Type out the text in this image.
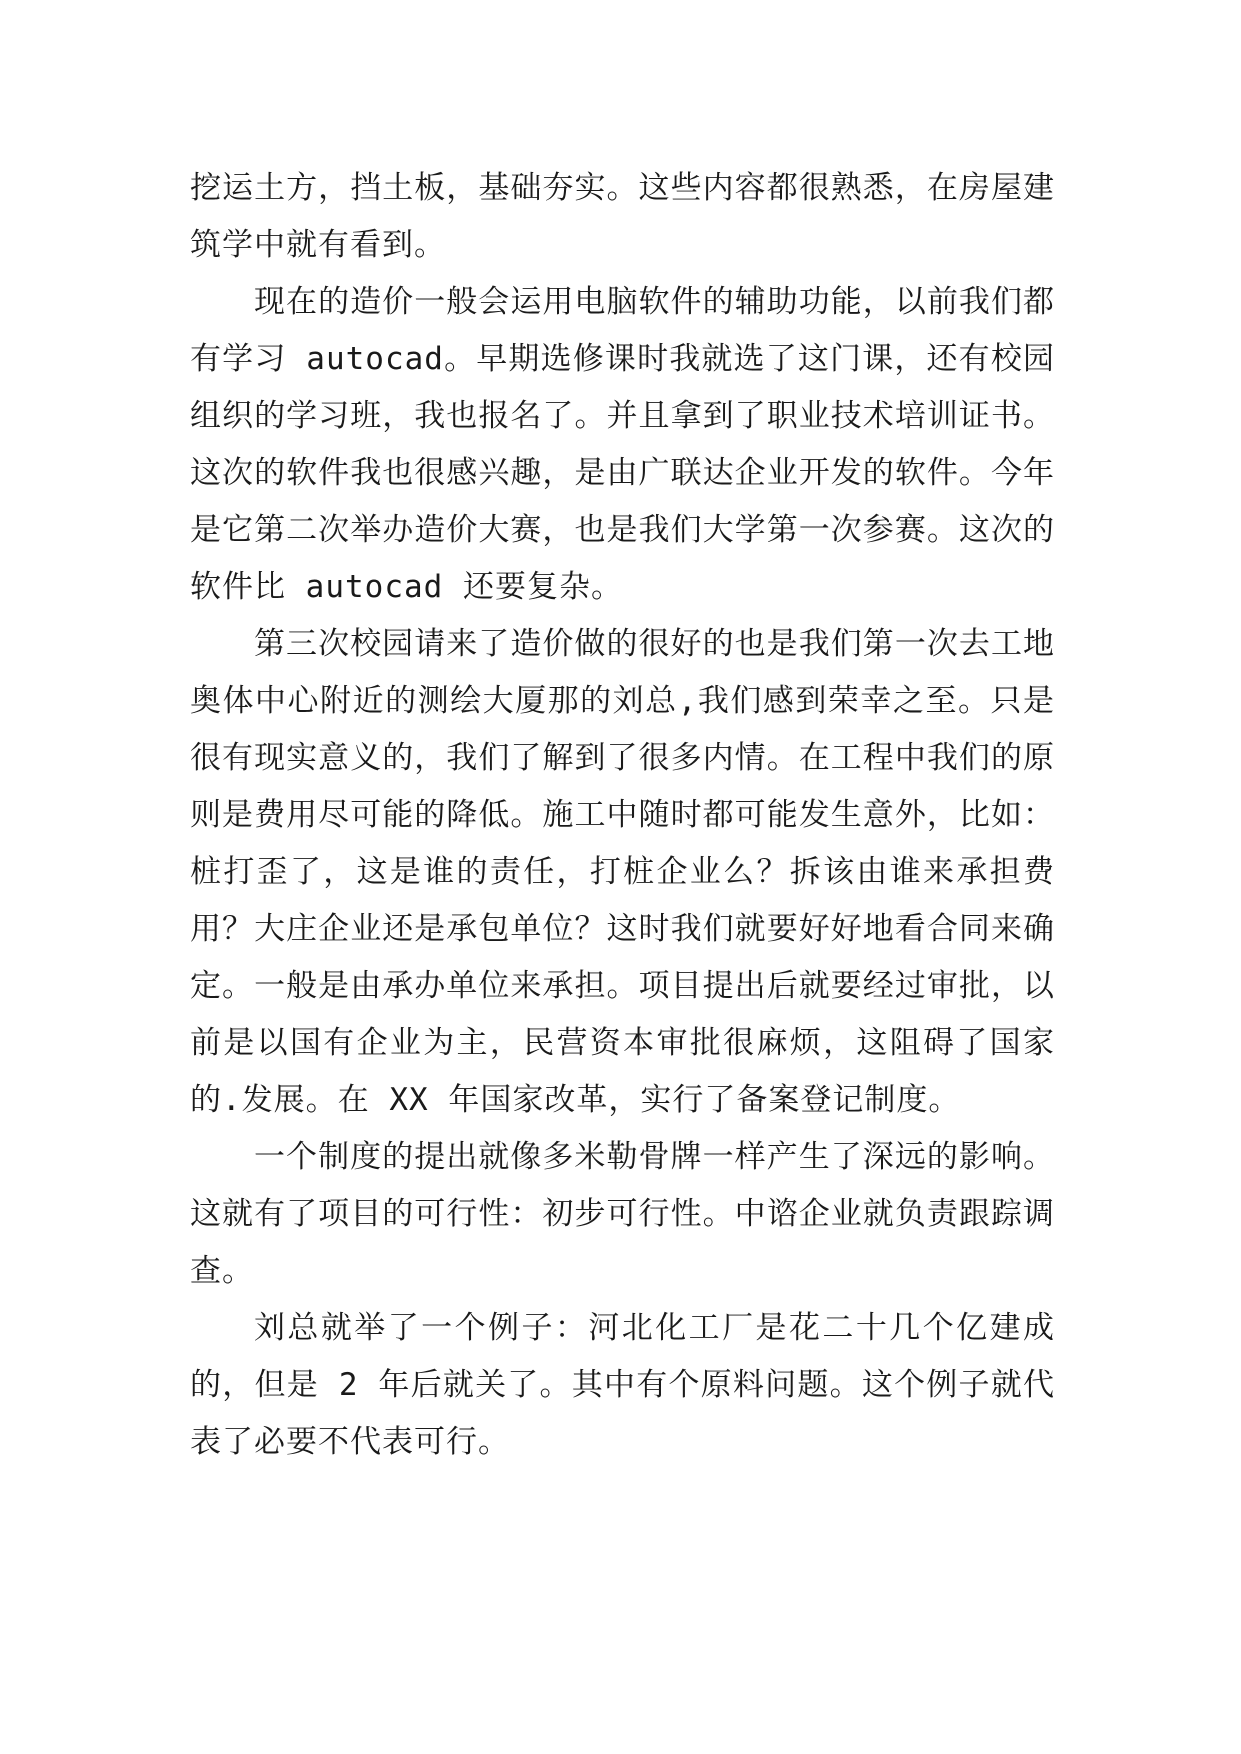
挖运土方，挡土板，基础夯实。这些内容都很熟悉，在房屋建筑学中就有看到。

现在的造价一般会运用电脑软件的辅助功能，以前我们都有学习 autocad。早期选修课时我就选了这门课，还有校园组织的学习班，我也报名了。并且拿到了职业技术培训证书。这次的软件我也很感兴趣，是由广联达企业开发的软件。今年是它第二次举办造价大赛，也是我们大学第一次参赛。这次的软件比 autocad 还要复杂。

第三次校园请来了造价做的很好的也是我们第一次去工地奥体中心附近的测绘大厦那的刘总,我们感到荣幸之至。只是很有现实意义的，我们了解到了很多内情。在工程中我们的原则是费用尽可能的降低。施工中随时都可能发生意外，比如：桩打歪了，这是谁的责任，打桩企业么？拆该由谁来承担费用？大庄企业还是承包单位？这时我们就要好好地看合同来确定。一般是由承办单位来承担。项目提出后就要经过审批，以前是以国有企业为主，民营资本审批很麻烦，这阻碍了国家的.发展。在 XX 年国家改革，实行了备案登记制度。

一个制度的提出就像多米勒骨牌一样产生了深远的影响。这就有了项目的可行性：初步可行性。中谘企业就负责跟踪调查。

刘总就举了一个例子：河北化工厂是花二十几个亿建成的，但是 2 年后就关了。其中有个原料问题。这个例子就代表了必要不代表可行。
